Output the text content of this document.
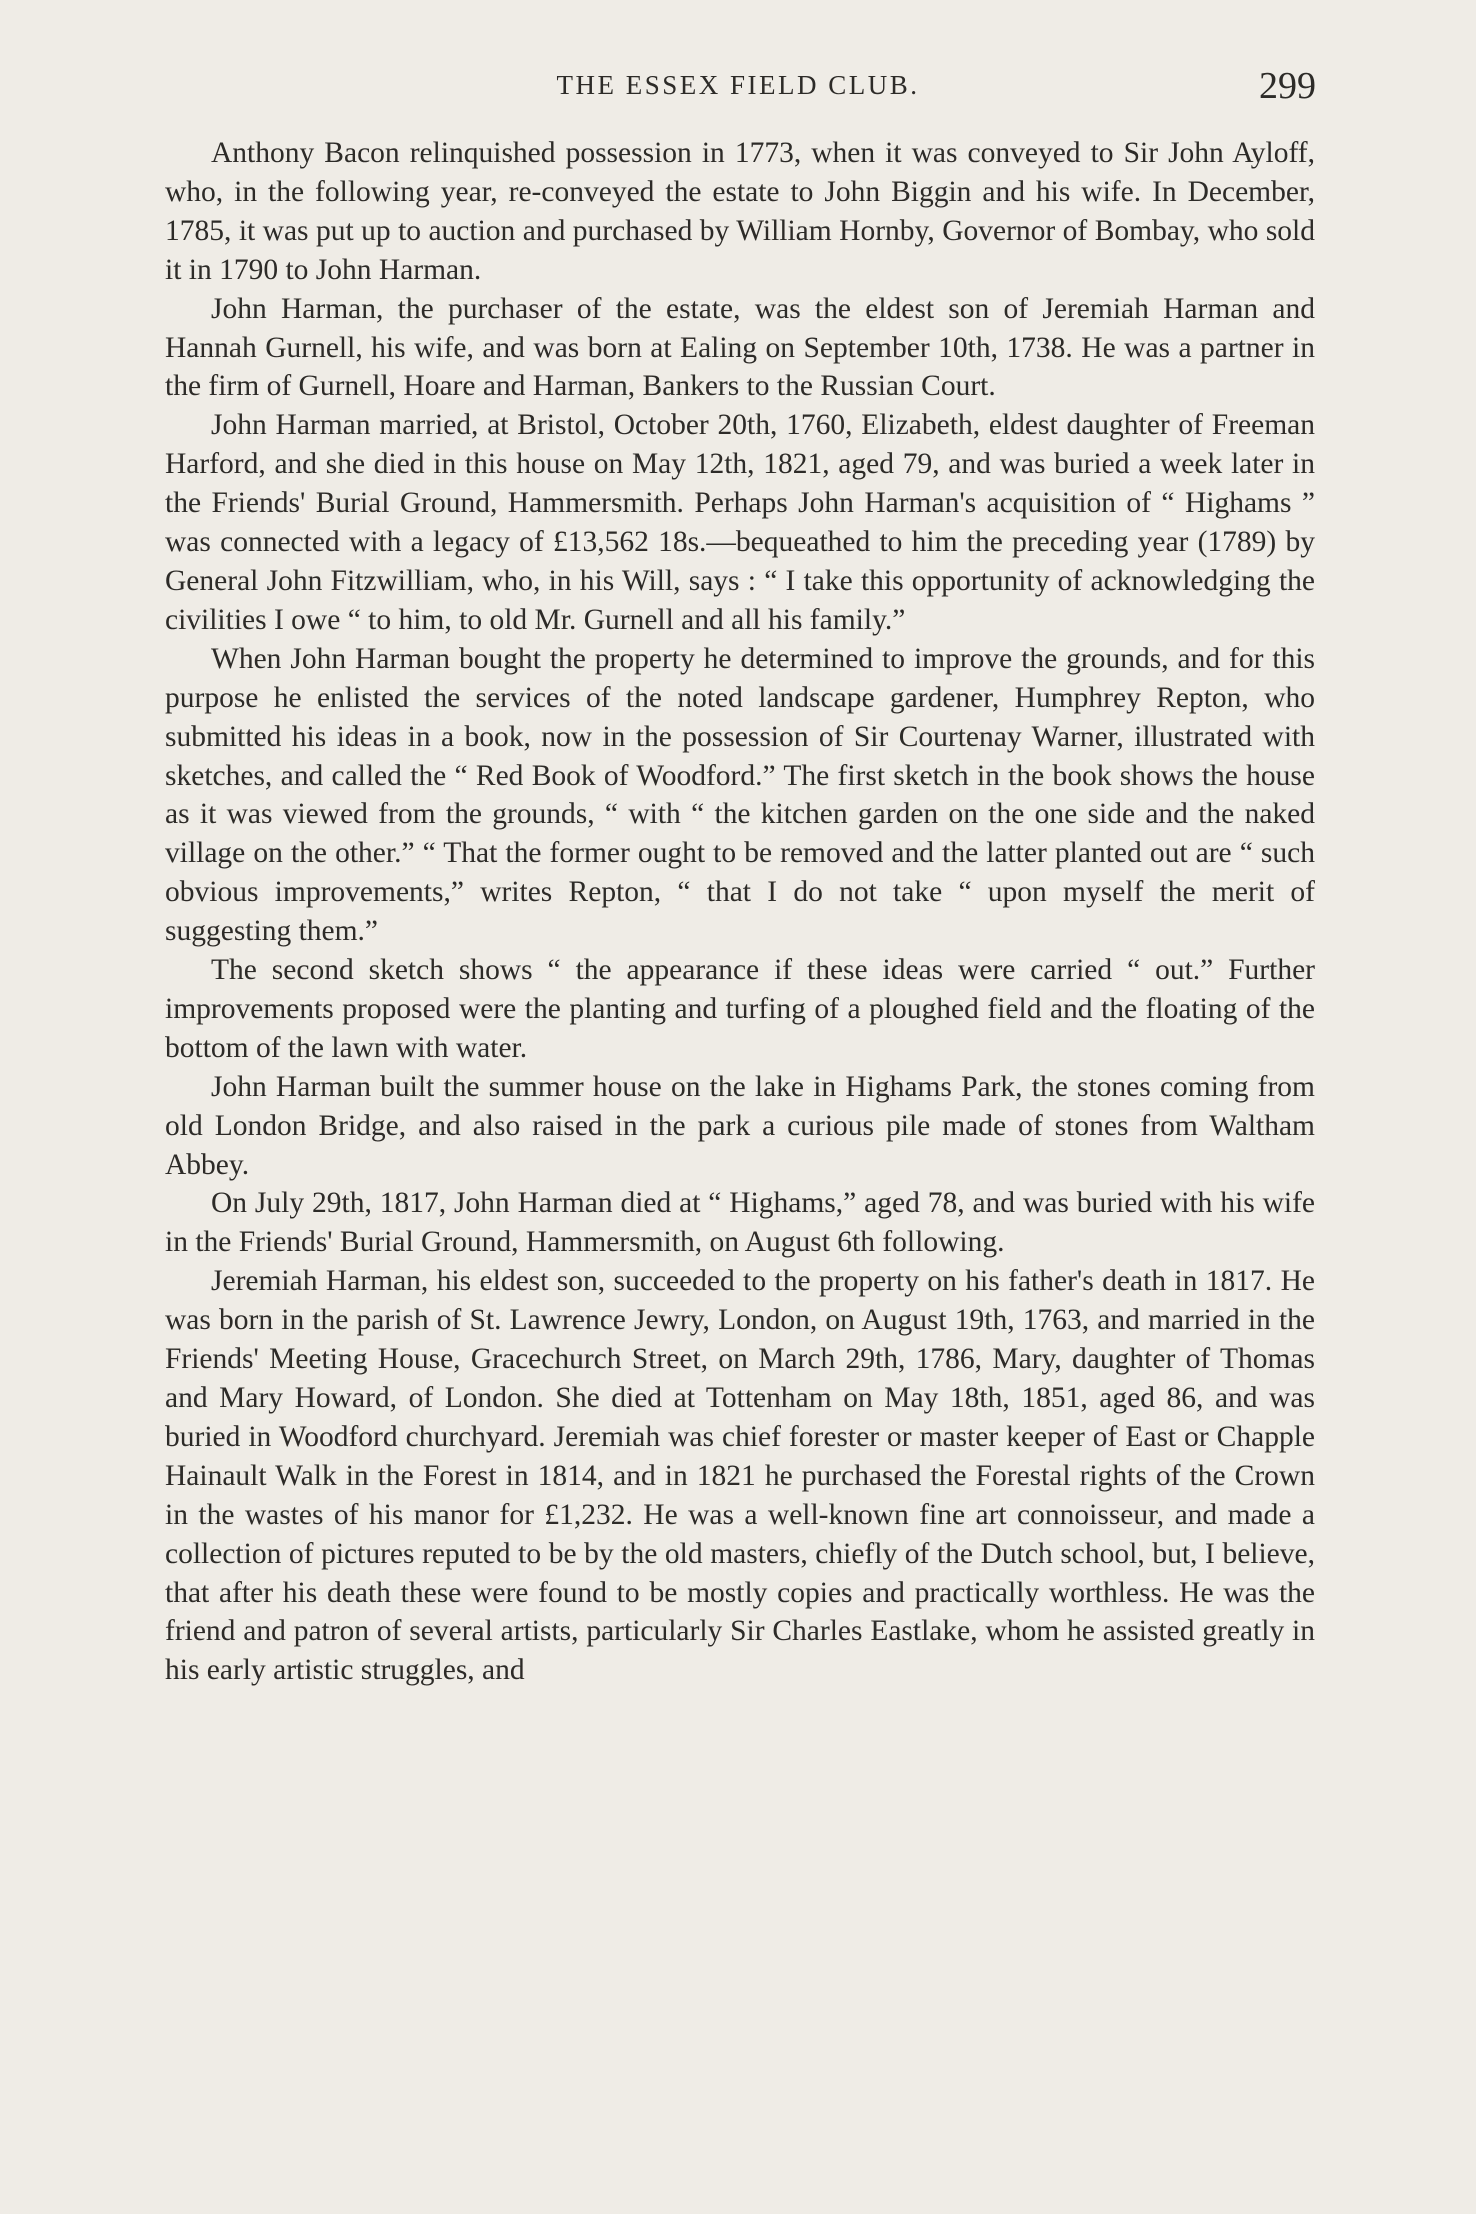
THE ESSEX FIELD CLUB.	299

Anthony Bacon relinquished possession in 1773, when it was conveyed to Sir John Ayloff, who, in the following year, re-conveyed the estate to John Biggin and his wife. In December, 1785, it was put up to auction and purchased by William Hornby, Governor of Bombay, who sold it in 1790 to John Harman.

John Harman, the purchaser of the estate, was the eldest son of Jeremiah Harman and Hannah Gurnell, his wife, and was born at Ealing on September 10th, 1738. He was a partner in the firm of Gurnell, Hoare and Harman, Bankers to the Russian Court.

John Harman married, at Bristol, October 20th, 1760, Elizabeth, eldest daughter of Freeman Harford, and she died in this house on May 12th, 1821, aged 79, and was buried a week later in the Friends' Burial Ground, Hammersmith. Perhaps John Harman's acquisition of “ Highams ” was connected with a legacy of £13,562 18s.—bequeathed to him the preceding year (1789) by General John Fitzwilliam, who, in his Will, says : “ I take this opportunity of acknowledging the civilities I owe “ to him, to old Mr. Gurnell and all his family.”

When John Harman bought the property he determined to improve the grounds, and for this purpose he enlisted the services of the noted landscape gardener, Humphrey Repton, who submitted his ideas in a book, now in the possession of Sir Courtenay Warner, illustrated with sketches, and called the “ Red Book of Woodford.” The first sketch in the book shows the house as it was viewed from the grounds, “ with “ the kitchen garden on the one side and the naked village on the other.” “ That the former ought to be removed and the latter planted out are “ such obvious improvements,” writes Repton, “ that I do not take “ upon myself the merit of suggesting them.”

The second sketch shows “ the appearance if these ideas were carried “ out.” Further improvements proposed were the planting and turfing of a ploughed field and the floating of the bottom of the lawn with water.

John Harman built the summer house on the lake in Highams Park, the stones coming from old London Bridge, and also raised in the park a curious pile made of stones from Waltham Abbey.

On July 29th, 1817, John Harman died at “ Highams,” aged 78, and was buried with his wife in the Friends' Burial Ground, Hammersmith, on August 6th following.

Jeremiah Harman, his eldest son, succeeded to the property on his father's death in 1817. He was born in the parish of St. Lawrence Jewry, London, on August 19th, 1763, and married in the Friends' Meeting House, Gracechurch Street, on March 29th, 1786, Mary, daughter of Thomas and Mary Howard, of London. She died at Tottenham on May 18th, 1851, aged 86, and was buried in Woodford churchyard. Jeremiah was chief forester or master keeper of East or Chapple Hainault Walk in the Forest in 1814, and in 1821 he purchased the Forestal rights of the Crown in the wastes of his manor for £1,232. He was a well-known fine art connoisseur, and made a collection of pictures reputed to be by the old masters, chiefly of the Dutch school, but, I believe, that after his death these were found to be mostly copies and practically worthless. He was the friend and patron of several artists, particularly Sir Charles Eastlake, whom he assisted greatly in his early artistic struggles, and
